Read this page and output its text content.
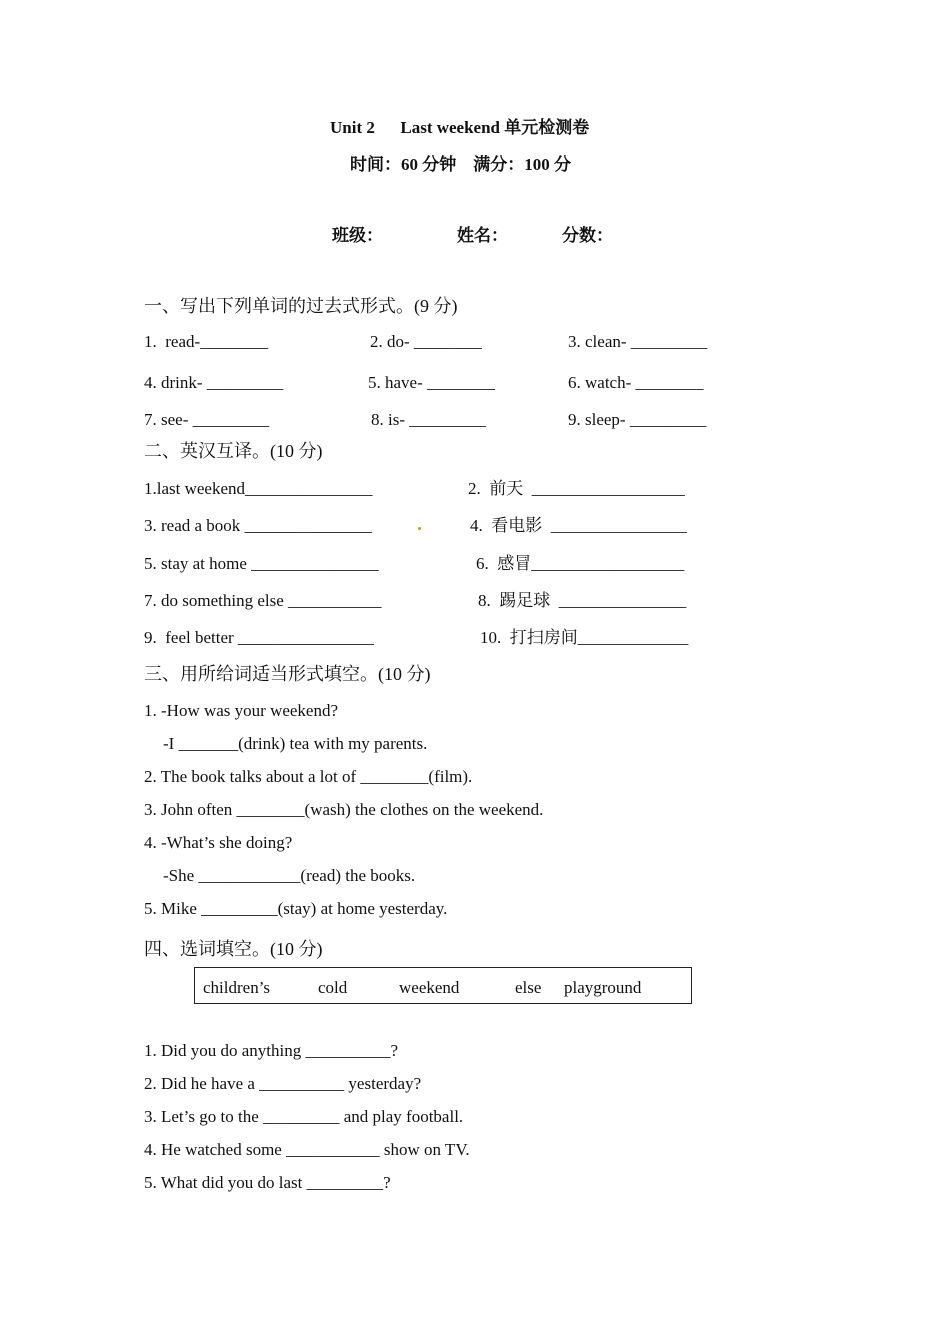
Unit 2      Last weekend 单元检测卷
时间：60 分钟    满分：100 分
班级：	姓名：	分数：
一、写出下列单词的过去式形式。(9 分)
1.  read-________	2. do- ________	3. clean- _________
4. drink- _________	5. have- ________	6. watch- ________
7. see- _________	8. is- _________	9. sleep- _________
二、英汉互译。(10 分)
1.last weekend_______________	2.  前天  __________________
3. read a book _______________	4.  看电影  ________________
5. stay at home _______________	6.  感冒__________________
7. do something else ___________	8.  踢足球  _______________
9.  feel better ________________	10.  打扫房间_____________
三、用所给词适当形式填空。(10 分)
1. -How was your weekend?
-I _______(drink) tea with my parents.
2. The book talks about a lot of ________(film).
3. John often ________(wash) the clothes on the weekend.
4. -What’s she doing?
-She ____________(read) the books.
5. Mike _________(stay) at home yesterday.
四、选词填空。(10 分)
children’s	cold	weekend	else playground
1. Did you do anything __________?
2. Did he have a __________ yesterday?
3. Let’s go to the _________ and play football.
4. He watched some ___________ show on TV.
5. What did you do last _________?
